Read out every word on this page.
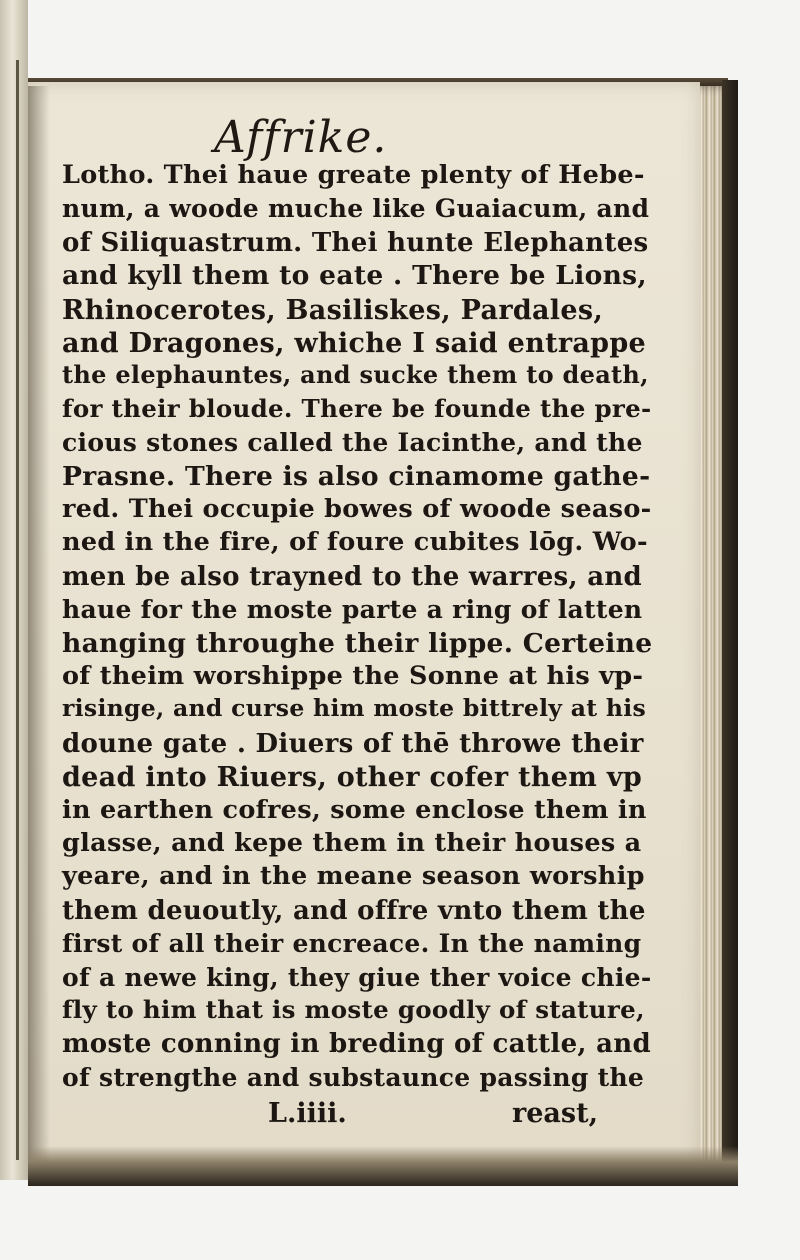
Affrike.
Lotho. Thei haue greate plenty of Hebe-
num, a woode muche like Guaiacum, and
of Siliquastrum. Thei hunte Elephantes
and kyll them to eate . There be Lions,
Rhinocerotes, Basiliskes, Pardales,
and Dragones, whiche I said entrappe
the elephauntes, and sucke them to death,
for their bloude. There be founde the pre-
cious stones called the Iacinthe, and the
Prasne. There is also cinamome gathe-
red. Thei occupie bowes of woode seaso-
ned in the fire, of foure cubites lōg. Wo-
men be also trayned to the warres, and
haue for the moste parte a ring of latten
hanging throughe their lippe. Certeine
of theim worshippe the Sonne at his vp-
risinge, and curse him moste bittrely at his
doune gate . Diuers of thē throwe their
dead into Riuers, other cofer them vp
in earthen cofres, some enclose them in
glasse, and kepe them in their houses a
yeare, and in the meane season worship
them deuoutly, and offre vnto them the
first of all their encreace. In the naming
of a newe king, they giue ther voice chie-
fly to him that is moste goodly of stature,
moste conning in breding of cattle, and
of strengthe and substaunce passing the
L.iiii.	reast,
